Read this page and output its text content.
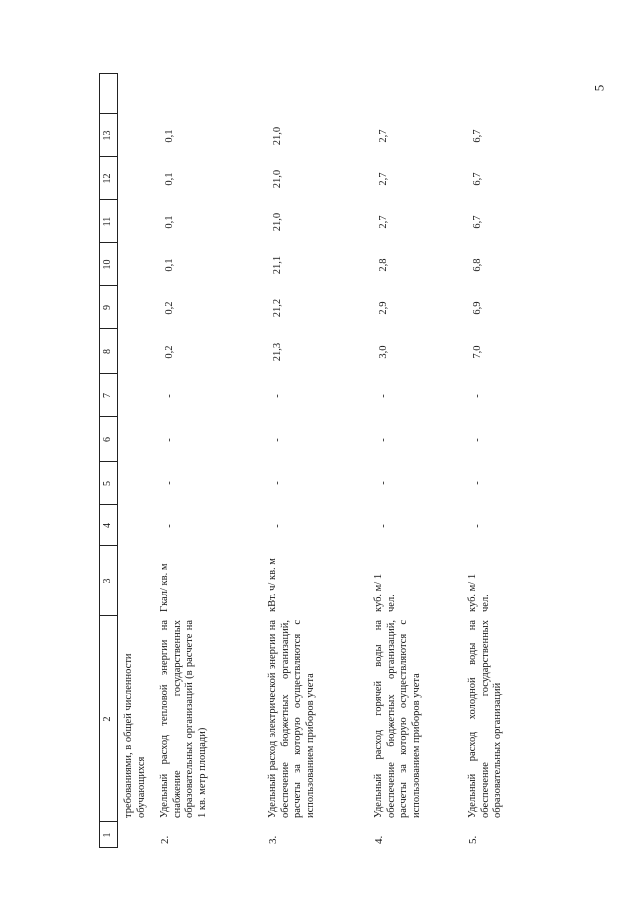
5
1
2
3
4
5
6
7
8
9
10
11
12
13
требованиями, в общей численности обучающихся
2.
Удельный расход тепловой энергии на снабжение государственных образовательных организаций (в расчете на 1 кв. метр площади)
Гкал/ кв. м
-
-
-
-
0,2
0,2
0,1
0,1
0,1
0,1
3.
Удельный расход электрической энергии на обеспечение бюджетных организаций, расчеты за которую осуществляются с использованием приборов учета
кВт. ч/ кв. м
-
-
-
-
21,3
21,2
21,1
21,0
21,0
21,0
4.
Удельный расход горячей воды на обеспечение бюджетных организаций, расчеты за которую осуществляются с использованием приборов учета
куб. м/ 1 чел.
-
-
-
-
3,0
2,9
2,8
2,7
2,7
2,7
5.
Удельный расход холодной воды на обеспечение государственных образовательных организаций
куб. м/ 1 чел.
-
-
-
-
7,0
6,9
6,8
6,7
6,7
6,7
